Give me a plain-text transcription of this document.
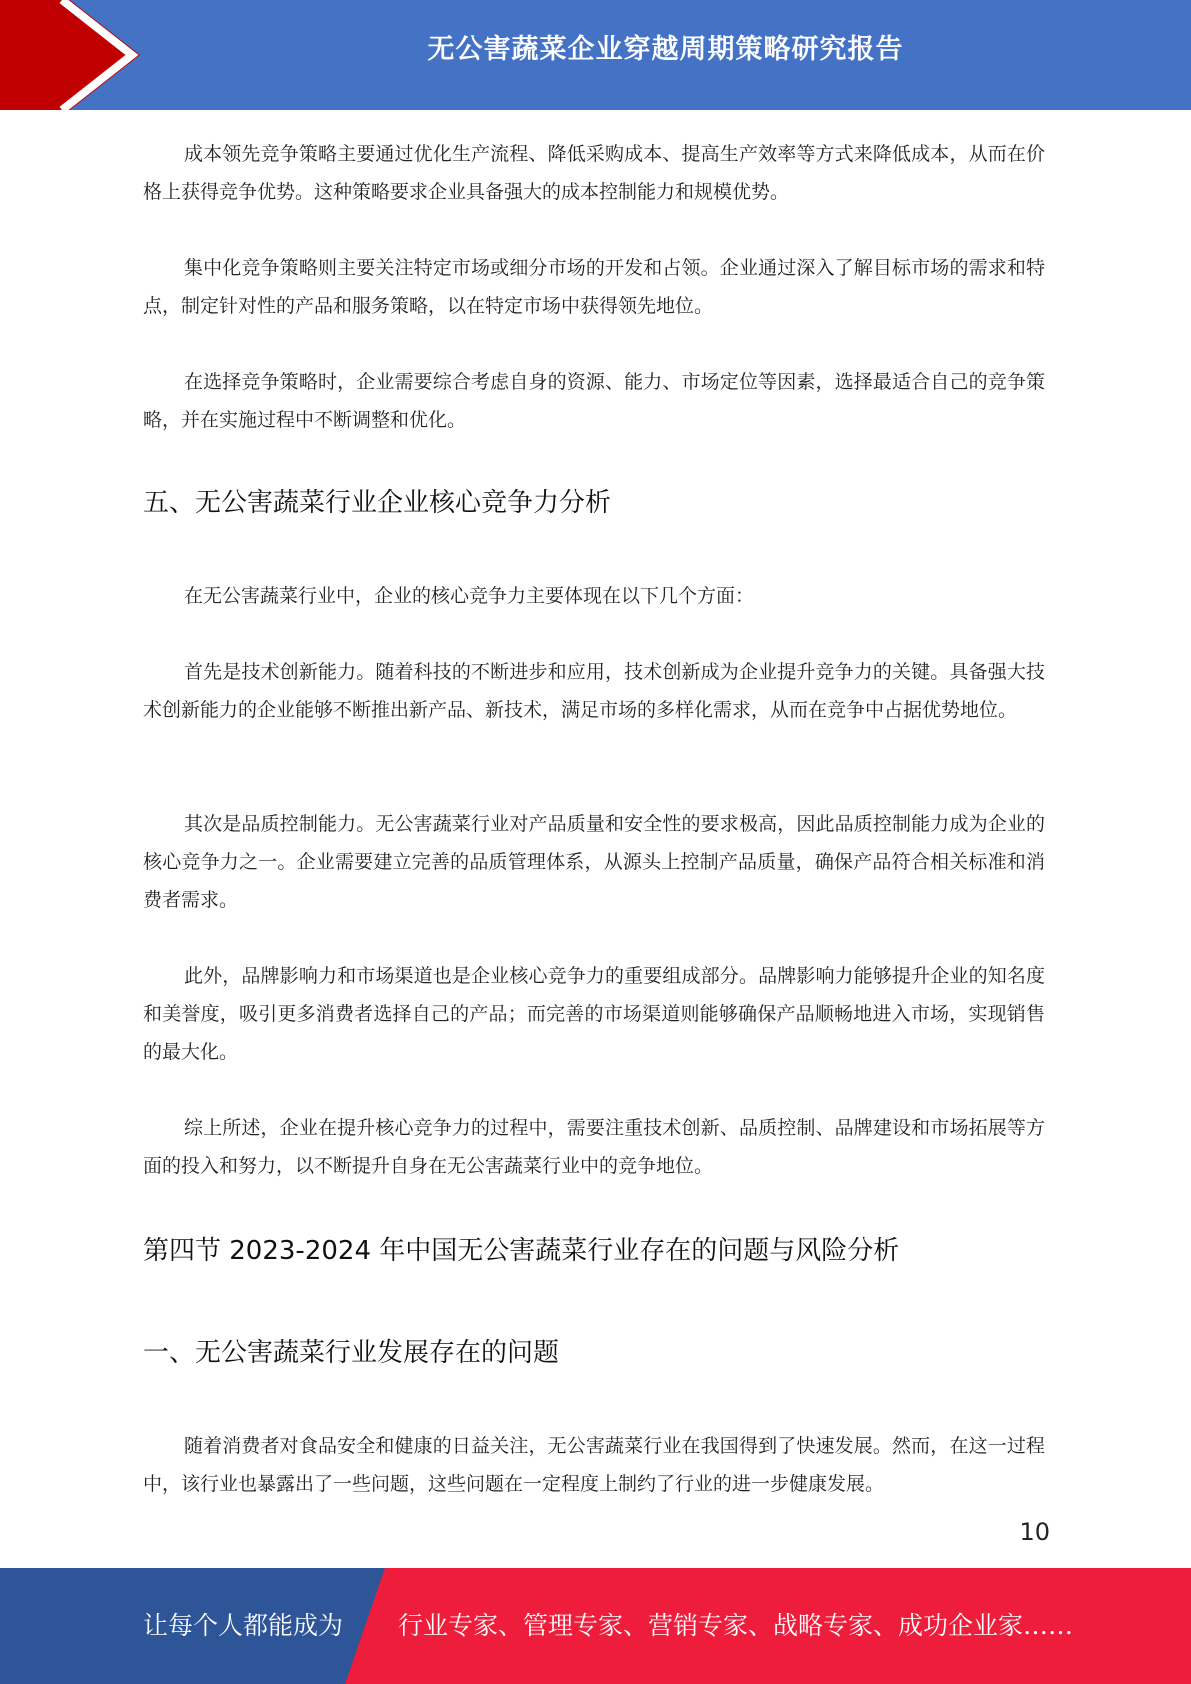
无公害蔬菜企业穿越周期策略研究报告

成本领先竞争策略主要通过优化生产流程、降低采购成本、提高生产效率等方式来降低成本，从而在价格上获得竞争优势。这种策略要求企业具备强大的成本控制能力和规模优势。

集中化竞争策略则主要关注特定市场或细分市场的开发和占领。企业通过深入了解目标市场的需求和特点，制定针对性的产品和服务策略，以在特定市场中获得领先地位。

在选择竞争策略时，企业需要综合考虑自身的资源、能力、市场定位等因素，选择最适合自己的竞争策略，并在实施过程中不断调整和优化。

五、无公害蔬菜行业企业核心竞争力分析

在无公害蔬菜行业中，企业的核心竞争力主要体现在以下几个方面：

首先是技术创新能力。随着科技的不断进步和应用，技术创新成为企业提升竞争力的关键。具备强大技术创新能力的企业能够不断推出新产品、新技术，满足市场的多样化需求，从而在竞争中占据优势地位。

其次是品质控制能力。无公害蔬菜行业对产品质量和安全性的要求极高，因此品质控制能力成为企业的核心竞争力之一。企业需要建立完善的品质管理体系，从源头上控制产品质量，确保产品符合相关标准和消费者需求。

此外，品牌影响力和市场渠道也是企业核心竞争力的重要组成部分。品牌影响力能够提升企业的知名度和美誉度，吸引更多消费者选择自己的产品；而完善的市场渠道则能够确保产品顺畅地进入市场，实现销售的最大化。

综上所述，企业在提升核心竞争力的过程中，需要注重技术创新、品质控制、品牌建设和市场拓展等方面的投入和努力，以不断提升自身在无公害蔬菜行业中的竞争地位。

第四节 2023-2024 年中国无公害蔬菜行业存在的问题与风险分析
一、无公害蔬菜行业发展存在的问题

随着消费者对食品安全和健康的日益关注，无公害蔬菜行业在我国得到了快速发展。然而，在这一过程中，该行业也暴露出了一些问题，这些问题在一定程度上制约了行业的进一步健康发展。

10
让每个人都能成为 行业专家、管理专家、营销专家、战略专家、成功企业家……
